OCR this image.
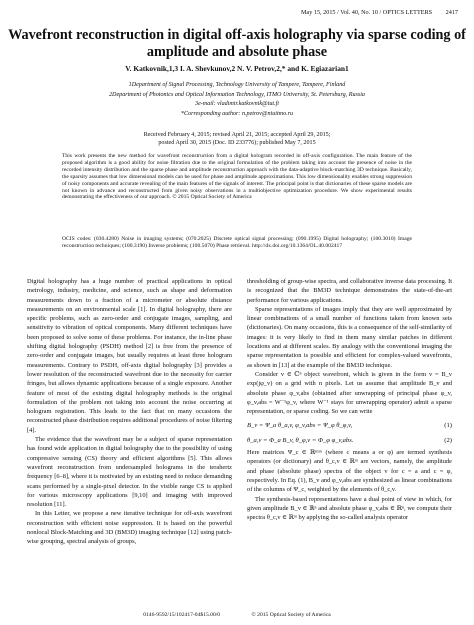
May 15, 2015 / Vol. 40, No. 10 / OPTICS LETTERS 2417
Wavefront reconstruction in digital off-axis holography via sparse coding of amplitude and absolute phase
V. Katkovnik,1,3 I. A. Shevkunov,2 N. V. Petrov,2,* and K. Egiazarian1
1Department of Signal Processing, Technology University of Tampere, Tampere, Finland
2Department of Photonics and Optical Information Technology, ITMO University, St. Petersburg, Russia
3e-mail: vladimir.katkovnik@tut.fi
*Corresponding author: n.petrov@niuitmo.ru
Received February 4, 2015; revised April 21, 2015; accepted April 29, 2015;
posted April 30, 2015 (Doc. ID 233776); published May 7, 2015
This work presents the new method for wavefront reconstruction from a digital hologram recorded in off-axis configuration. The main feature of the proposed algorithm is a good ability for noise filtration due to the original formulation of the problem taking into account the presence of noise in the recorded intensity distribution and the sparse phase and amplitude reconstruction approach with the data-adaptive block-matching 3D technique. Basically, the sparsity assumes that low dimensional models can be used for phase and amplitude approximations. This low dimensionality enables strong suppression of noisy components and accurate revealing of the main features of the signals of interest. The principal point is that dictionaries of these sparse models are not known in advance and reconstructed from given noisy observations in a multiobjective optimization procedure. We show experimental results demonstrating the effectiveness of our approach. © 2015 Optical Society of America
OCIS codes: (030.4280) Noise in imaging systems; (070.2025) Discrete optical signal processing; (090.1995) Digital holography; (100.3010) Image reconstruction techniques; (100.3190) Inverse problems; (100.5070) Phase retrieval. http://dx.doi.org/10.1364/OL.40.002417

Digital holography has a huge number of practical applications in optical metrology, industry, medicine, and science, such as shape and deformation measurements down to a fraction of a micrometer or absolute distance measurements on an environmental scale [1]. In digital holography, there are specific problems, such as zero-order and conjugate images, sampling, and sensitivity to vibration of optical components. Many different techniques have been proposed to solve some of these problems. For instance, the in-line phase shifting digital holography (PSDH) method [2] is free from the presence of zero-order and conjugate images, but usually requires at least three hologram measurements. Contrary to PSDH, off-axis digital holography [3] provides a lower resolution of the reconstructed wavefront due to the necessity for carrier fringes, but allows dynamic applications because of a single exposure. Another feature of most of the existing digital holography methods is the original formulation of the problem not taking into account the noise occurring at hologram registration. This leads to the fact that on many occasions the reconstructed phase distribution requires additional procedures of noise filtering [4].

The evidence that the wavefront may be a subject of sparse representation has found wide application in digital holography due to the possibility of using compressive sensing (CS) theory and efficient algorithms [5]. This allows wavefront reconstruction from undersampled holograms in the terahertz frequency [6–8], where it is motivated by an existing need to reduce demanding scans performed by a single-pixel detector. In the visible range CS is applied for various microscopy applications [9,10] and imaging with improved resolution [11].

In this Letter, we propose a new iterative technique for off-axis wavefront reconstruction with efficient noise suppression. It is based on the powerful nonlocal Block-Matching and 3D (BM3D) imaging technique [12] using patch-wise grouping, spectral analysis of groups,

thresholding of group-wise spectra, and collaborative inverse data processing. It is recognized that the BM3D technique demonstrates the state-of-the-art performance for various applications.

Sparse representations of images imply that they are well approximated by linear combinations of a small number of functions taken from known sets (dictionaries). On many occasions, this is a consequence of the self-similarity of images: it is very likely to find in them many similar patches in different locations and at different scales. By analogy with the conventional imaging the sparse representation is possible and efficient for complex-valued wavefronts, as shown in [13] at the example of the BM3D technique.

Consider v ∈ ℂⁿ object wavefront, which is given in the form v = B_v exp(jφ_v) on a grid with n pixels. Let us assume that amplitude B_v and absolute phase φ_v,abs (obtained after unwrapping of principal phase φ_v, φ_v,abs = W⁻¹φ_v, where W⁻¹ stays for unwrapping operator) admit a sparse representation, or sparse coding. So we can write

B_v = Ψ_a θ_a,v, φ_v,abs = Ψ_φ θ_φ,v,	(1)
θ_a,v = Φ_a B_v, θ_φ,v = Φ_φ φ_v,abs.	(2)

Here matrices Ψ_c ∈ ℝⁿˣᵐ (where c means a or φ) are termed synthesis operators (or dictionary) and θ_c,v ∈ ℝᵐ are vectors, namely, the amplitude and phase (absolute phase) spectra of the object v for c = a and c = φ, respectively. In Eq. (1), B_v and φ_v,abs are synthesized as linear combinations of the columns of Ψ_c, weighted by the elements of θ_c,v.

The synthesis-based representations have a dual point of view in which, for given amplitude B_v ∈ ℝⁿ and absolute phase φ_v,abs ∈ ℝⁿ, we compute their spectra θ_c,v ∈ ℝᵐ by applying the so-called analysis operator

0146-9592/15/102417-04$15.00/0	© 2015 Optical Society of America
